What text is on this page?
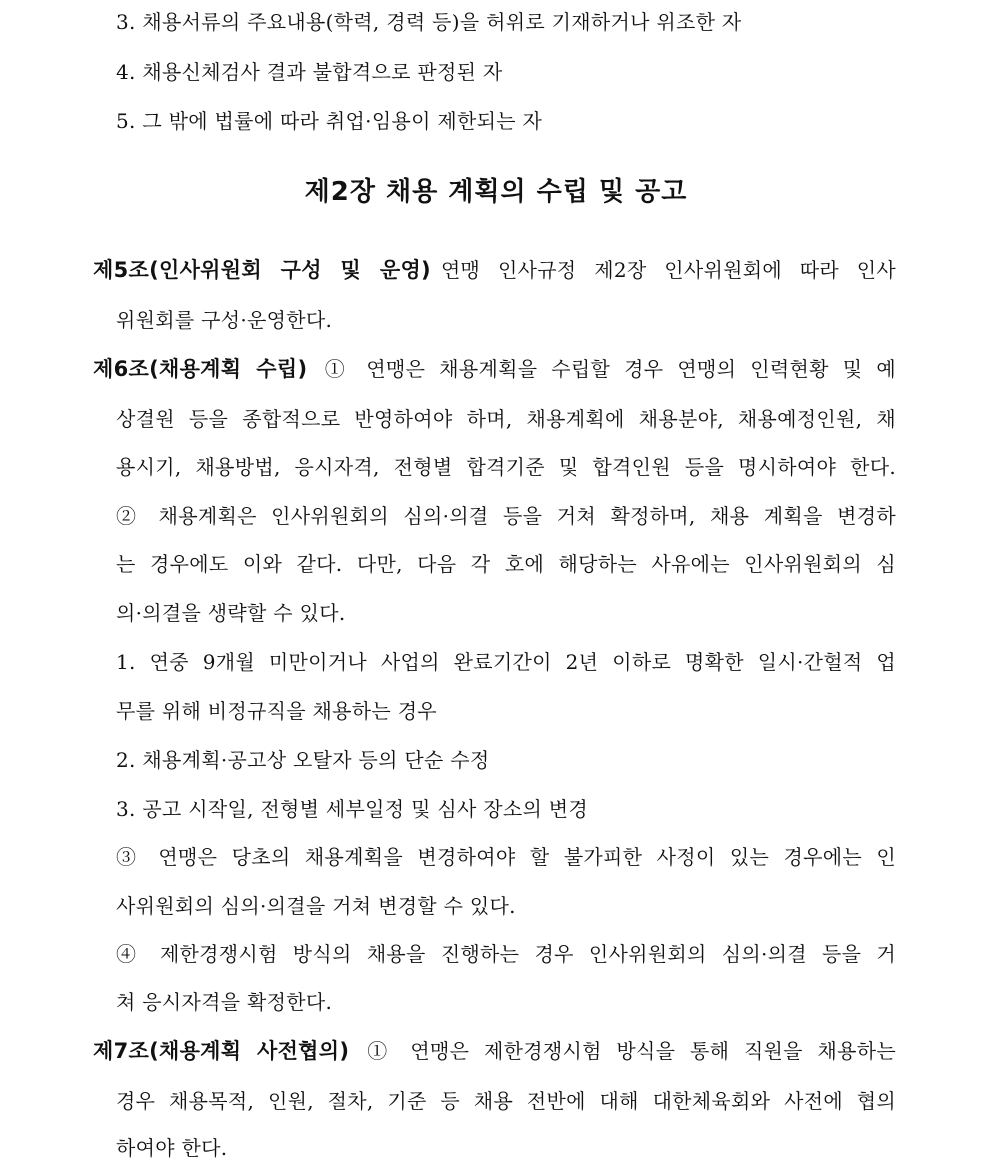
3. 채용서류의 주요내용(학력, 경력 등)을 허위로 기재하거나 위조한 자
4. 채용신체검사 결과 불합격으로 판정된 자
5. 그 밖에 법률에 따라 취업·임용이 제한되는 자
제2장 채용 계획의 수립 및 공고
제5조(인사위원회 구성 및 운영) 연맹 인사규정 제2장 인사위원회에 따라 인사
위원회를 구성·운영한다.
제6조(채용계획 수립) ① 연맹은 채용계획을 수립할 경우 연맹의 인력현황 및 예
상결원 등을 종합적으로 반영하여야 하며, 채용계획에 채용분야, 채용예정인원, 채
용시기, 채용방법, 응시자격, 전형별 합격기준 및 합격인원 등을 명시하여야 한다.
② 채용계획은 인사위원회의 심의·의결 등을 거쳐 확정하며, 채용 계획을 변경하
는 경우에도 이와 같다. 다만, 다음 각 호에 해당하는 사유에는 인사위원회의 심
의·의결을 생략할 수 있다.
1. 연중 9개월 미만이거나 사업의 완료기간이 2년 이하로 명확한 일시·간헐적 업
무를 위해 비정규직을 채용하는 경우
2. 채용계획·공고상 오탈자 등의 단순 수정
3. 공고 시작일, 전형별 세부일정 및 심사 장소의 변경
③ 연맹은 당초의 채용계획을 변경하여야 할 불가피한 사정이 있는 경우에는 인
사위원회의 심의·의결을 거쳐 변경할 수 있다.
④ 제한경쟁시험 방식의 채용을 진행하는 경우 인사위원회의 심의·의결 등을 거
쳐 응시자격을 확정한다.
제7조(채용계획 사전협의) ① 연맹은 제한경쟁시험 방식을 통해 직원을 채용하는
경우 채용목적, 인원, 절차, 기준 등 채용 전반에 대해 대한체육회와 사전에 협의
하여야 한다.
